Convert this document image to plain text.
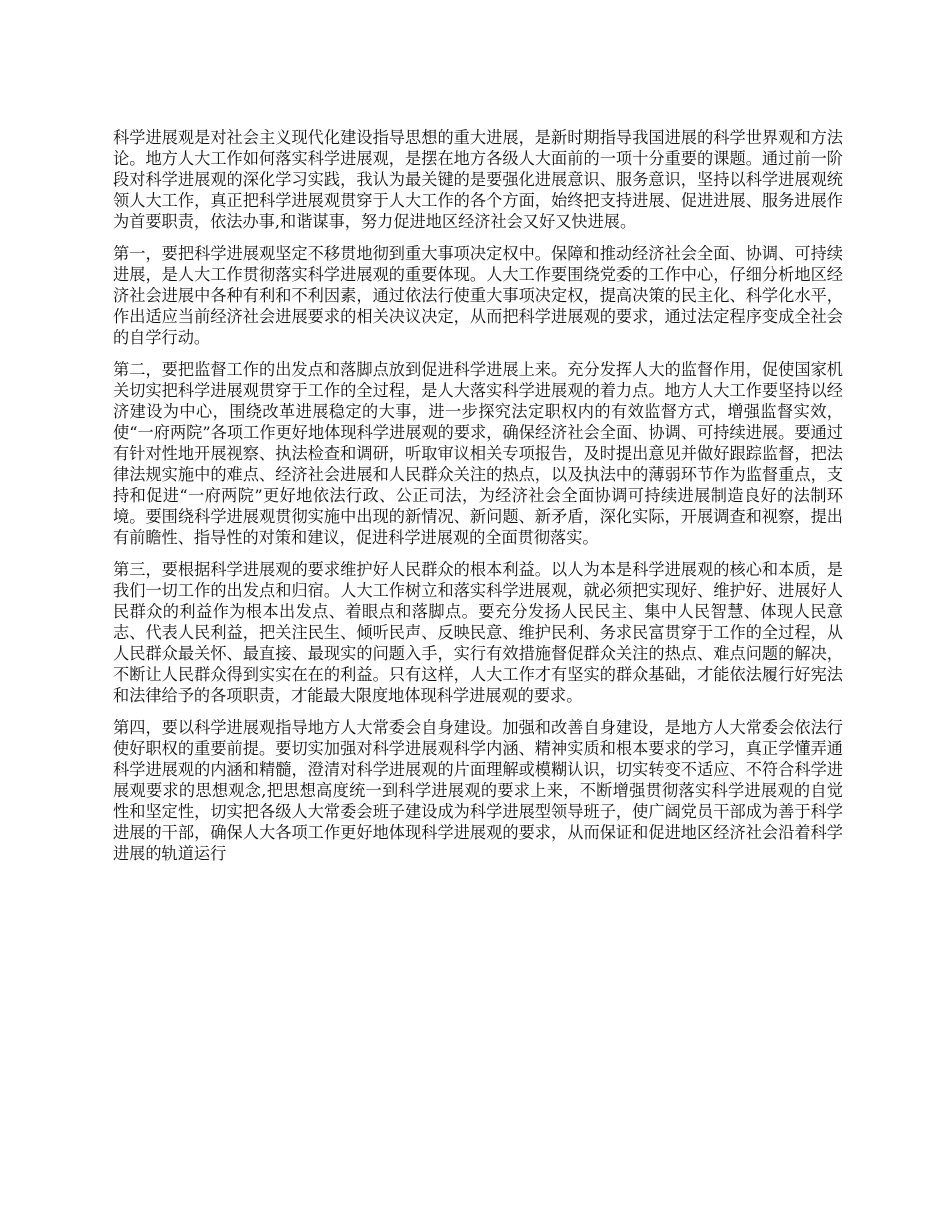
科学进展观是对社会主义现代化建设指导思想的重大进展，是新时期指导我国进展的科学世界观和方法论。地方人大工作如何落实科学进展观，是摆在地方各级人大面前的一项十分重要的课题。通过前一阶段对科学进展观的深化学习实践，我认为最关键的是要强化进展意识、服务意识，坚持以科学进展观统领人大工作，真正把科学进展观贯穿于人大工作的各个方面，始终把支持进展、促进进展、服务进展作为首要职责，依法办事,和谐谋事，努力促进地区经济社会又好又快进展。

第一，要把科学进展观坚定不移贯地彻到重大事项决定权中。保障和推动经济社会全面、协调、可持续进展，是人大工作贯彻落实科学进展观的重要体现。人大工作要围绕党委的工作中心，仔细分析地区经济社会进展中各种有利和不利因素，通过依法行使重大事项决定权，提高决策的民主化、科学化水平，作出适应当前经济社会进展要求的相关决议决定，从而把科学进展观的要求，通过法定程序变成全社会的自学行动。

第二，要把监督工作的出发点和落脚点放到促进科学进展上来。充分发挥人大的监督作用，促使国家机关切实把科学进展观贯穿于工作的全过程，是人大落实科学进展观的着力点。地方人大工作要坚持以经济建设为中心，围绕改革进展稳定的大事，进一步探究法定职权内的有效监督方式，增强监督实效，使“一府两院”各项工作更好地体现科学进展观的要求，确保经济社会全面、协调、可持续进展。要通过有针对性地开展视察、执法检查和调研，听取审议相关专项报告，及时提出意见并做好跟踪监督，把法律法规实施中的难点、经济社会进展和人民群众关注的热点，以及执法中的薄弱环节作为监督重点，支持和促进“一府两院”更好地依法行政、公正司法，为经济社会全面协调可持续进展制造良好的法制环境。要围绕科学进展观贯彻实施中出现的新情况、新问题、新矛盾，深化实际，开展调查和视察，提出有前瞻性、指导性的对策和建议，促进科学进展观的全面贯彻落实。

第三，要根据科学进展观的要求维护好人民群众的根本利益。以人为本是科学进展观的核心和本质，是我们一切工作的出发点和归宿。人大工作树立和落实科学进展观，就必须把实现好、维护好、进展好人民群众的利益作为根本出发点、着眼点和落脚点。要充分发扬人民民主、集中人民智慧、体现人民意志、代表人民利益，把关注民生、倾听民声、反映民意、维护民利、务求民富贯穿于工作的全过程，从人民群众最关怀、最直接、最现实的问题入手，实行有效措施督促群众关注的热点、难点问题的解决，不断让人民群众得到实实在在的利益。只有这样，人大工作才有坚实的群众基础，才能依法履行好宪法和法律给予的各项职责，才能最大限度地体现科学进展观的要求。

第四，要以科学进展观指导地方人大常委会自身建设。加强和改善自身建设，是地方人大常委会依法行使好职权的重要前提。要切实加强对科学进展观科学内涵、精神实质和根本要求的学习，真正学懂弄通科学进展观的内涵和精髓，澄清对科学进展观的片面理解或模糊认识，切实转变不适应、不符合科学进展观要求的思想观念,把思想高度统一到科学进展观的要求上来，不断增强贯彻落实科学进展观的自觉性和坚定性，切实把各级人大常委会班子建设成为科学进展型领导班子，使广阔党员干部成为善于科学进展的干部，确保人大各项工作更好地体现科学进展观的要求，从而保证和促进地区经济社会沿着科学进展的轨道运行
